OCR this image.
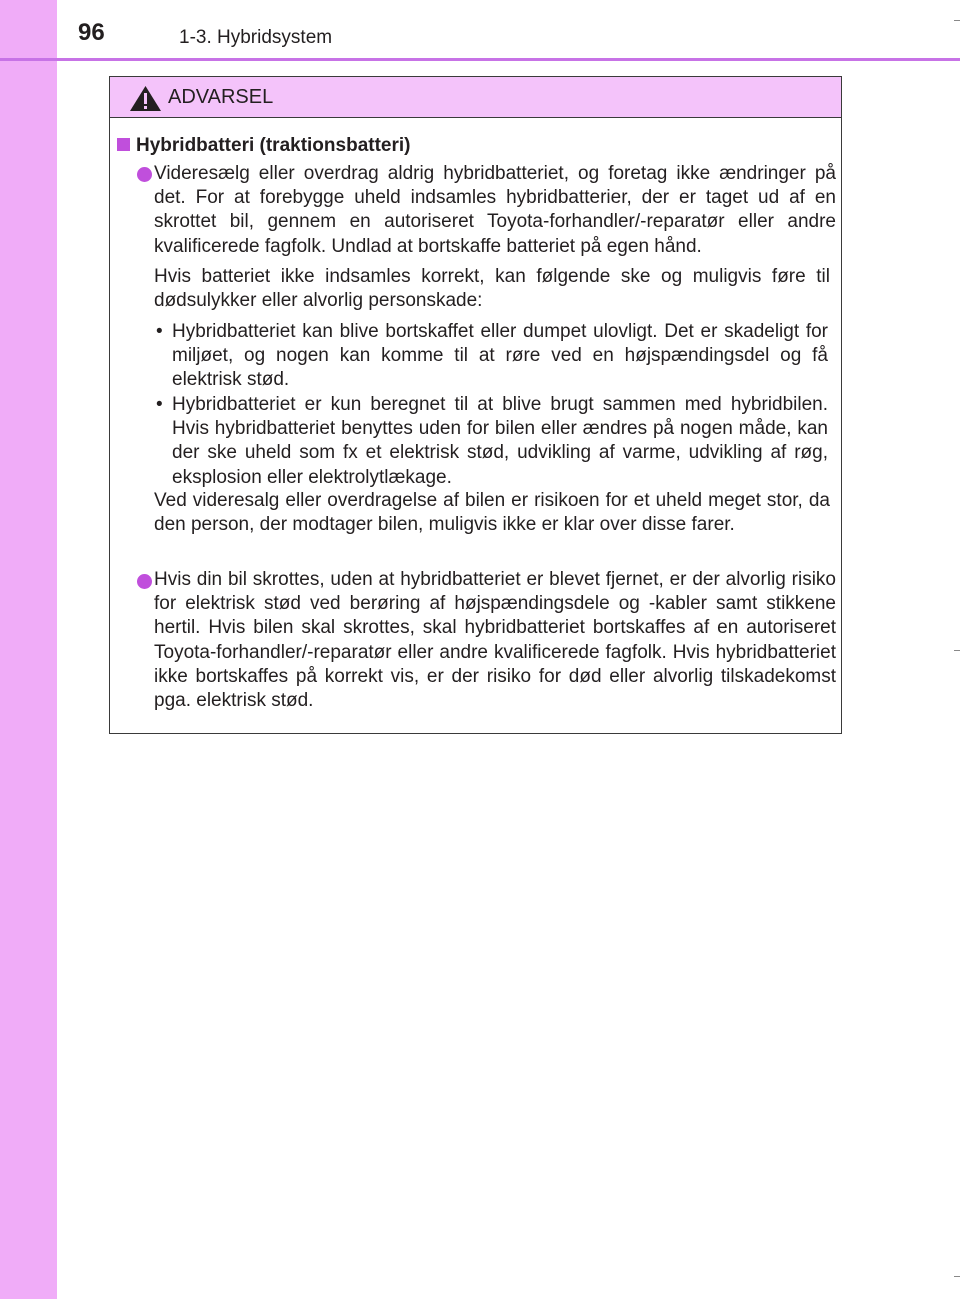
96	1-3. Hybridsystem
ADVARSEL
Hybridbatteri (traktionsbatteri)

Videresælg eller overdrag aldrig hybridbatteriet, og foretag ikke ændringer på det. For at forebygge uheld indsamles hybridbatterier, der er taget ud af en skrottet bil, gennem en autoriseret Toyota-forhandler/-reparatør eller andre kvalificerede fagfolk. Undlad at bortskaffe batteriet på egen hånd.

Hvis batteriet ikke indsamles korrekt, kan følgende ske og muligvis føre til dødsulykker eller alvorlig personskade:

• Hybridbatteriet kan blive bortskaffet eller dumpet ulovligt. Det er skadeligt for miljøet, og nogen kan komme til at røre ved en højspændingsdel og få elektrisk stød.

• Hybridbatteriet er kun beregnet til at blive brugt sammen med hybridbilen. Hvis hybridbatteriet benyttes uden for bilen eller ændres på nogen måde, kan der ske uheld som fx et elektrisk stød, udvikling af varme, udvikling af røg, eksplosion eller elektrolytlækage.

Ved videresalg eller overdragelse af bilen er risikoen for et uheld meget stor, da den person, der modtager bilen, muligvis ikke er klar over disse farer.

Hvis din bil skrottes, uden at hybridbatteriet er blevet fjernet, er der alvorlig risiko for elektrisk stød ved berøring af højspændingsdele og -kabler samt stikkene hertil. Hvis bilen skal skrottes, skal hybridbatteriet bortskaffes af en autoriseret Toyota-forhandler/-reparatør eller andre kvalificerede fagfolk. Hvis hybridbatteriet ikke bortskaffes på korrekt vis, er der risiko for død eller alvorlig tilskadekomst pga. elektrisk stød.
